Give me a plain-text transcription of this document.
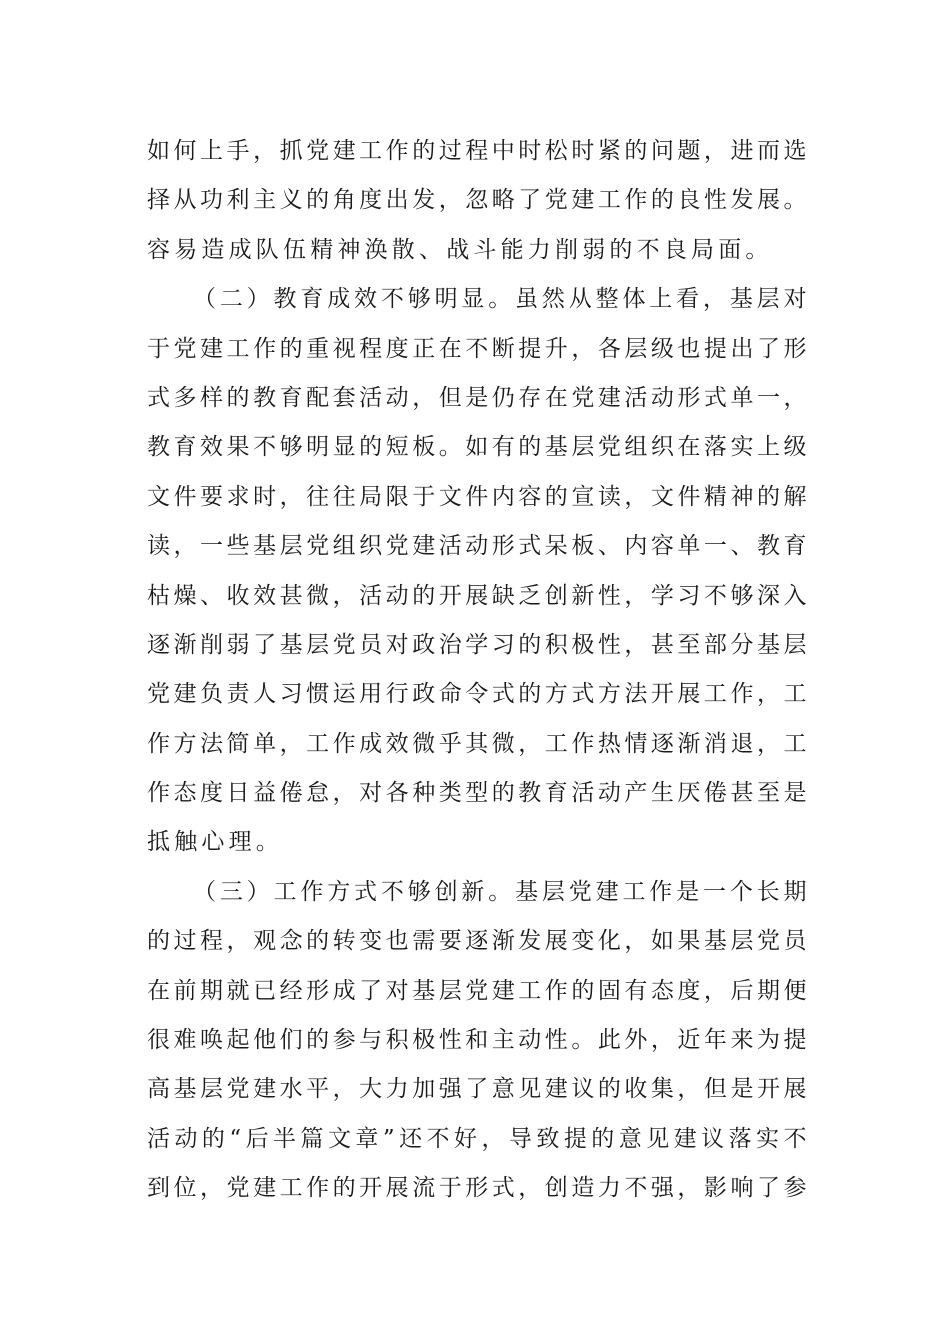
如何上手，抓党建工作的过程中时松时紧的问题，进而选
择从功利主义的角度出发，忽略了党建工作的良性发展。
容易造成队伍精神涣散、战斗能力削弱的不良局面。
（二）教育成效不够明显。虽然从整体上看，基层对
于党建工作的重视程度正在不断提升，各层级也提出了形
式多样的教育配套活动，但是仍存在党建活动形式单一，
教育效果不够明显的短板。如有的基层党组织在落实上级
文件要求时，往往局限于文件内容的宣读，文件精神的解
读，一些基层党组织党建活动形式呆板、内容单一、教育
枯燥、收效甚微，活动的开展缺乏创新性，学习不够深入
逐渐削弱了基层党员对政治学习的积极性，甚至部分基层
党建负责人习惯运用行政命令式的方式方法开展工作，工
作方法简单，工作成效微乎其微，工作热情逐渐消退，工
作态度日益倦怠，对各种类型的教育活动产生厌倦甚至是
抵触心理。
（三）工作方式不够创新。基层党建工作是一个长期
的过程，观念的转变也需要逐渐发展变化，如果基层党员
在前期就已经形成了对基层党建工作的固有态度，后期便
很难唤起他们的参与积极性和主动性。此外，近年来为提
高基层党建水平，大力加强了意见建议的收集，但是开展
活动的“后半篇文章”还不好，导致提的意见建议落实不
到位，党建工作的开展流于形式，创造力不强，影响了参
